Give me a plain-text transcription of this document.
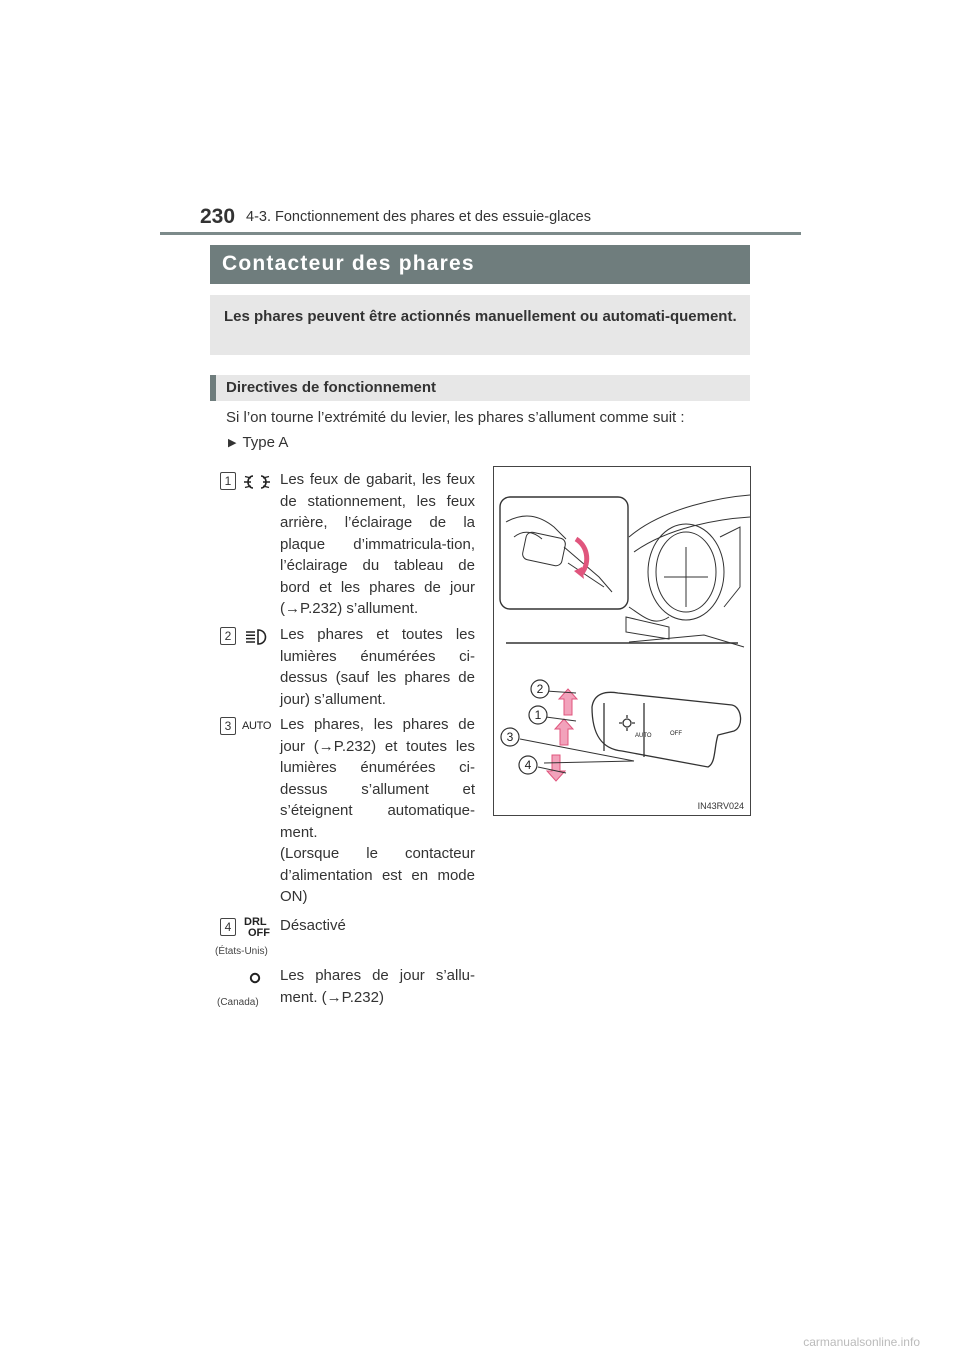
230 4-3. Fonctionnement des phares et des essuie-glaces
Contacteur des phares

Les phares peuvent être actionnés manuellement ou automati-quement.

Directives de fonctionnement
Si l’on tourne l’extrémité du levier, les phares s’allument comme suit :
▶ Type A
1	Les feux de gabarit, les feux de stationnement, les feux arrière, l’éclairage de la plaque d’immatricula-tion, l’éclairage du tableau de bord et les phares de jour (→P.232) s’allument.
2	Les phares et toutes les lumières énumérées ci-dessus (sauf les phares de jour) s’allument.
3 AUTO Les phares, les phares de jour (→P.232) et toutes les lumières énumérées ci-dessus s’allument et s’éteignent automatique-ment.
(Lorsque le contacteur d’alimentation est en mode ON)
4	DRL
OFF Désactivé
(États-Unis)
Les phares de jour s’allu-ment. (→P.232)
(Canada)
2
1
3
4
AUTO	OFF
IN43RV024
carmanualsonline.info
